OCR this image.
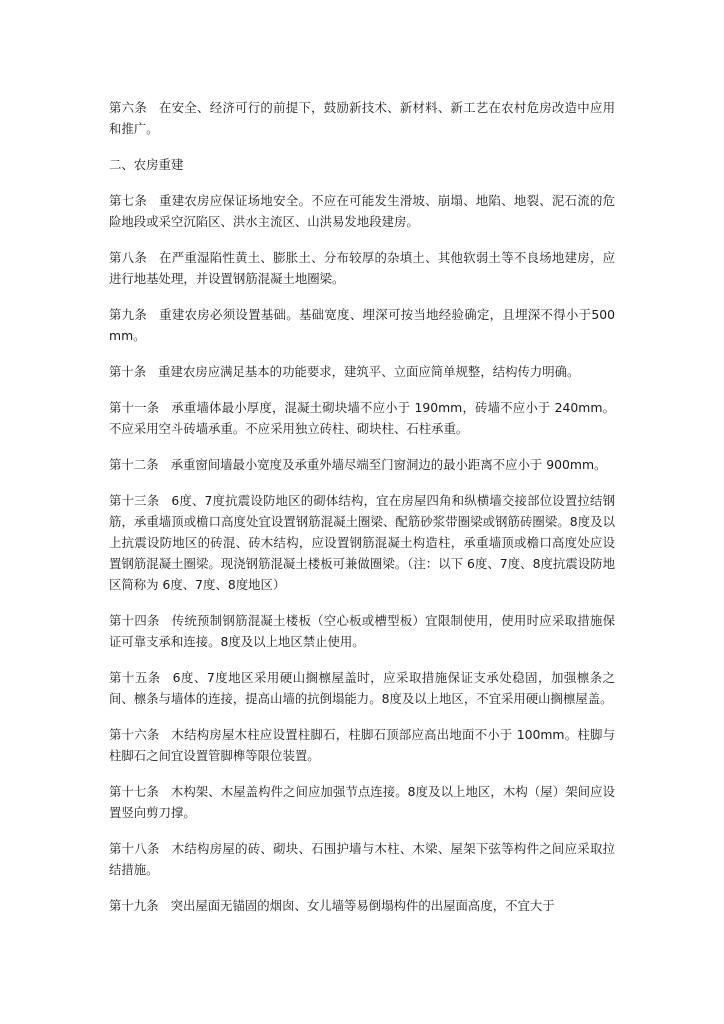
第六条 在安全、经济可行的前提下，鼓励新技术、新材料、新工艺在农村危房改造中应用和推广。

二、农房重建

第七条 重建农房应保证场地安全。不应在可能发生滑坡、崩塌、地陷、地裂、泥石流的危险地段或采空沉陷区、洪水主流区、山洪易发地段建房。

第八条 在严重湿陷性黄土、膨胀土、分布较厚的杂填土、其他软弱土等不良场地建房，应进行地基处理，并设置钢筋混凝土地圈梁。

第九条 重建农房必须设置基础。基础宽度、埋深可按当地经验确定，且埋深不得小于500mm。

第十条 重建农房应满足基本的功能要求，建筑平、立面应简单规整，结构传力明确。

第十一条 承重墙体最小厚度，混凝土砌块墙不应小于 190mm，砖墙不应小于 240mm。不应采用空斗砖墙承重。不应采用独立砖柱、砌块柱、石柱承重。

第十二条 承重窗间墙最小宽度及承重外墙尽端至门窗洞边的最小距离不应小于 900mm。

第十三条 6度、7度抗震设防地区的砌体结构，宜在房屋四角和纵横墙交接部位设置拉结钢筋，承重墙顶或檐口高度处宜设置钢筋混凝土圈梁、配筋砂浆带圈梁或钢筋砖圈梁。8度及以上抗震设防地区的砖混、砖木结构，应设置钢筋混凝土构造柱，承重墙顶或檐口高度处应设置钢筋混凝土圈梁。现浇钢筋混凝土楼板可兼做圈梁。（注：以下 6度、7度、8度抗震设防地区简称为 6度、7度、8度地区）

第十四条 传统预制钢筋混凝土楼板（空心板或槽型板）宜限制使用，使用时应采取措施保证可靠支承和连接。8度及以上地区禁止使用。

第十五条 6度、7度地区采用硬山搁檩屋盖时，应采取措施保证支承处稳固，加强檩条之间、檩条与墙体的连接，提高山墙的抗倒塌能力。8度及以上地区，不宜采用硬山搁檩屋盖。

第十六条 木结构房屋木柱应设置柱脚石，柱脚石顶部应高出地面不小于 100mm。柱脚与柱脚石之间宜设置管脚榫等限位装置。

第十七条 木构架、木屋盖构件之间应加强节点连接。8度及以上地区，木构（屋）架间应设置竖向剪刀撑。

第十八条 木结构房屋的砖、砌块、石围护墙与木柱、木梁、屋架下弦等构件之间应采取拉结措施。

第十九条 突出屋面无锚固的烟囱、女儿墙等易倒塌构件的出屋面高度，不宜大于
